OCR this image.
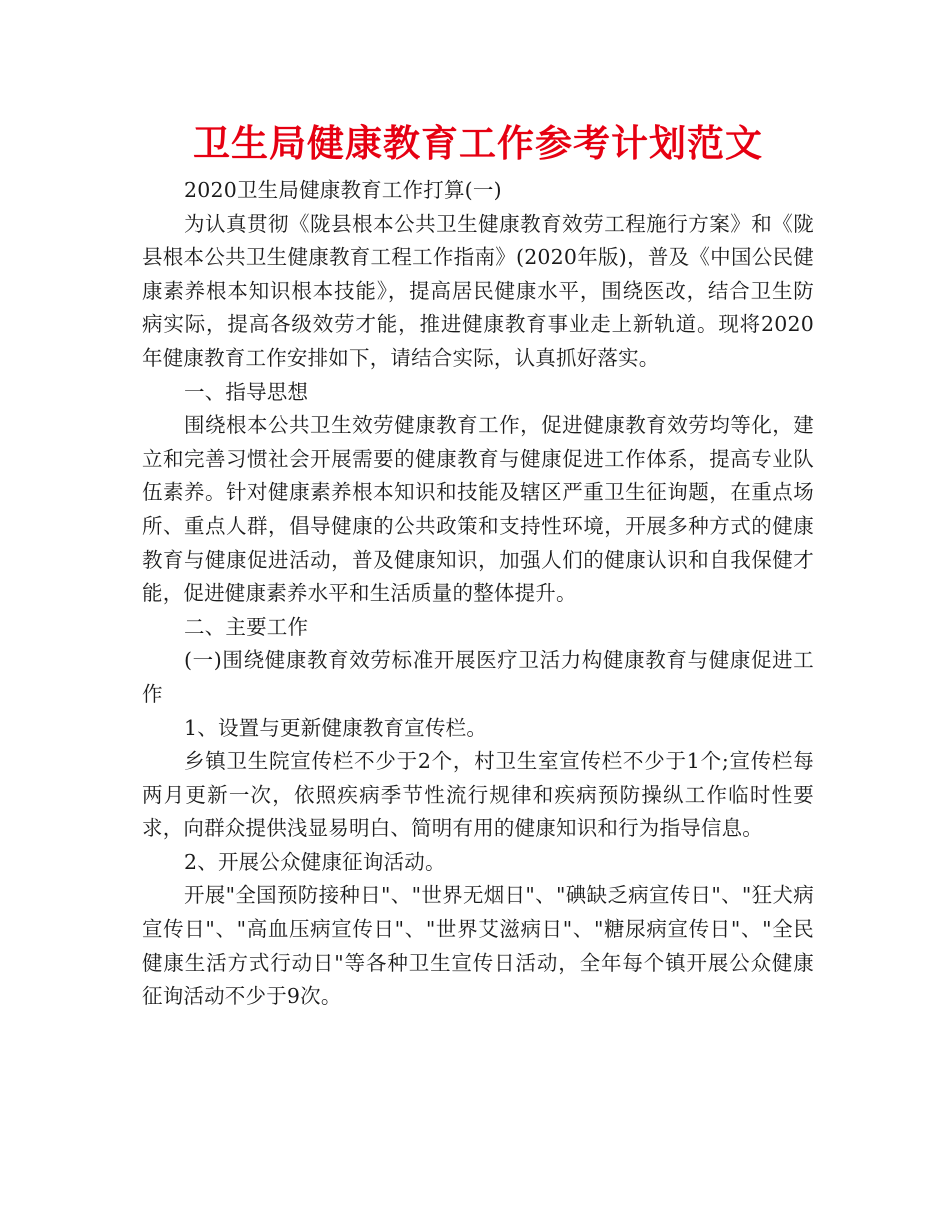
卫生局健康教育工作参考计划范文

2020卫生局健康教育工作打算(一)

为认真贯彻《陇县根本公共卫生健康教育效劳工程施行方案》和《陇县根本公共卫生健康教育工程工作指南》(2020年版)，普及《中国公民健康素养根本知识根本技能》，提高居民健康水平，围绕医改，结合卫生防病实际，提高各级效劳才能，推进健康教育事业走上新轨道。现将2020年健康教育工作安排如下，请结合实际，认真抓好落实。

一、指导思想

围绕根本公共卫生效劳健康教育工作，促进健康教育效劳均等化，建立和完善习惯社会开展需要的健康教育与健康促进工作体系，提高专业队伍素养。针对健康素养根本知识和技能及辖区严重卫生征询题，在重点场所、重点人群，倡导健康的公共政策和支持性环境，开展多种方式的健康教育与健康促进活动，普及健康知识，加强人们的健康认识和自我保健才能，促进健康素养水平和生活质量的整体提升。

二、主要工作

(一)围绕健康教育效劳标准开展医疗卫活力构健康教育与健康促进工作

1、设置与更新健康教育宣传栏。

乡镇卫生院宣传栏不少于2个，村卫生室宣传栏不少于1个;宣传栏每两月更新一次，依照疾病季节性流行规律和疾病预防操纵工作临时性要求，向群众提供浅显易明白、简明有用的健康知识和行为指导信息。

2、开展公众健康征询活动。

开展"全国预防接种日"、"世界无烟日"、"碘缺乏病宣传日"、"狂犬病宣传日"、"高血压病宣传日"、"世界艾滋病日"、"糖尿病宣传日"、"全民健康生活方式行动日"等各种卫生宣传日活动，全年每个镇开展公众健康征询活动不少于9次。
